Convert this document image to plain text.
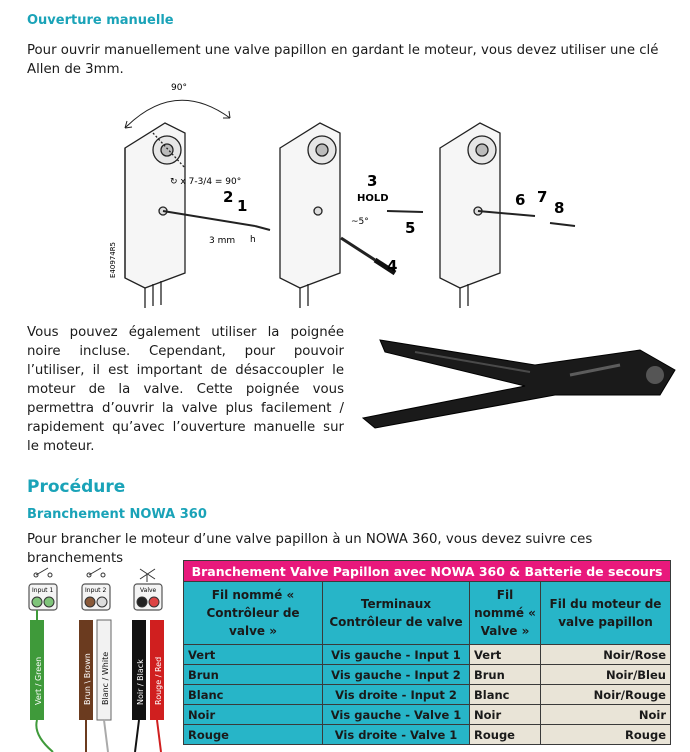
Ouverture manuelle
Pour ouvrir manuellement une valve papillon en gardant le moteur, vous devez utiliser une clé Allen de 3mm.
90°
↻ x 7-3/4 = 90°
2 1
3 mm h
E40974R5
3
HOLD
~5°
4
5
6 7
8
Vous pouvez également utiliser la poignée noire incluse. Cependant, pour pouvoir l’utiliser, il est important de désaccoupler le moteur de la valve. Cette poignée vous permettra d’ouvrir la valve plus facilement / rapidement qu’avec l’ouverture manuelle sur le moteur.
Procédure
Branchement NOWA 360
Pour brancher le moteur d’une valve papillon à un NOWA 360, vous devez suivre ces branchements
Input 1	Input 2	Valve
Vert / Green	Brun \ Brown Blanc / White	Noir / Black Rouge / Red
Branchement Valve Papillon avec NOWA 360 & Batterie de secours			
Fil nommé « Contrôleur de valve »	Terminaux Contrôleur de valve	Fil nommé « Valve »	Fil du moteur de valve papillon
Vert	Vis gauche - Input 1	Vert	Noir/Rose
Brun	Vis gauche - Input 2	Brun	Noir/Bleu
Blanc	Vis droite - Input 2	Blanc	Noir/Rouge
Noir	Vis gauche - Valve 1	Noir	Noir
Rouge	Vis droite - Valve 1	Rouge	Rouge
